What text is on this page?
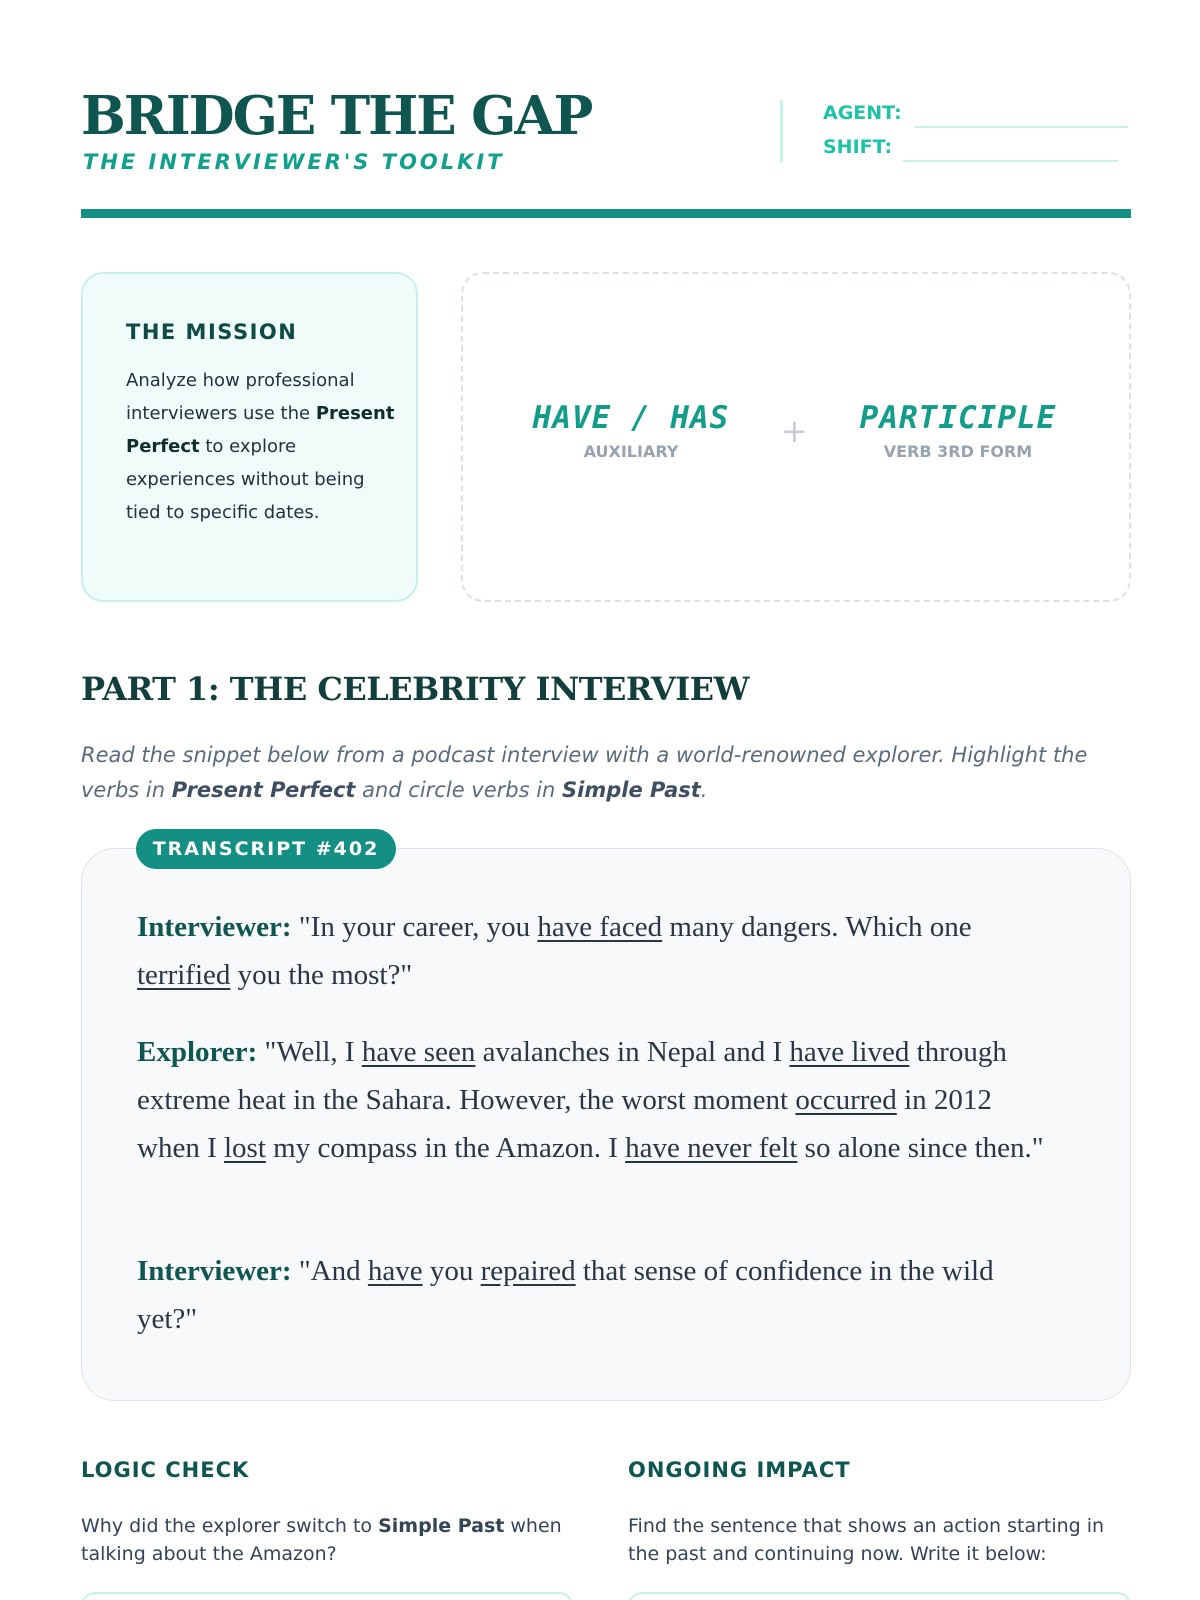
BRIDGE THE GAP
THE INTERVIEWER'S TOOLKIT
AGENT:
SHIFT:
THE MISSION
Analyze how professional interviewers use the Present Perfect to explore experiences without being tied to specific dates.
HAVE / HAS
AUXILIARY
+ PARTICIPLE
VERB 3RD FORM
PART 1: THE CELEBRITY INTERVIEW
Read the snippet below from a podcast interview with a world-renowned explorer. Highlight the verbs in Present Perfect and circle verbs in Simple Past.

Interviewer: "In your career, you have faced many dangers. Which one terrified you the most?"

Explorer: "Well, I have seen avalanches in Nepal and I have lived through extreme heat in the Sahara. However, the worst moment occurred in 2012 when I lost my compass in the Amazon. I have never felt so alone since then."

Interviewer: "And have you repaired that sense of confidence in the wild yet?"

TRANSCRIPT #402
LOGIC CHECK
Why did the explorer switch to Simple Past when talking about the Amazon?
ONGOING IMPACT
Find the sentence that shows an action starting in the past and continuing now. Write it below:
